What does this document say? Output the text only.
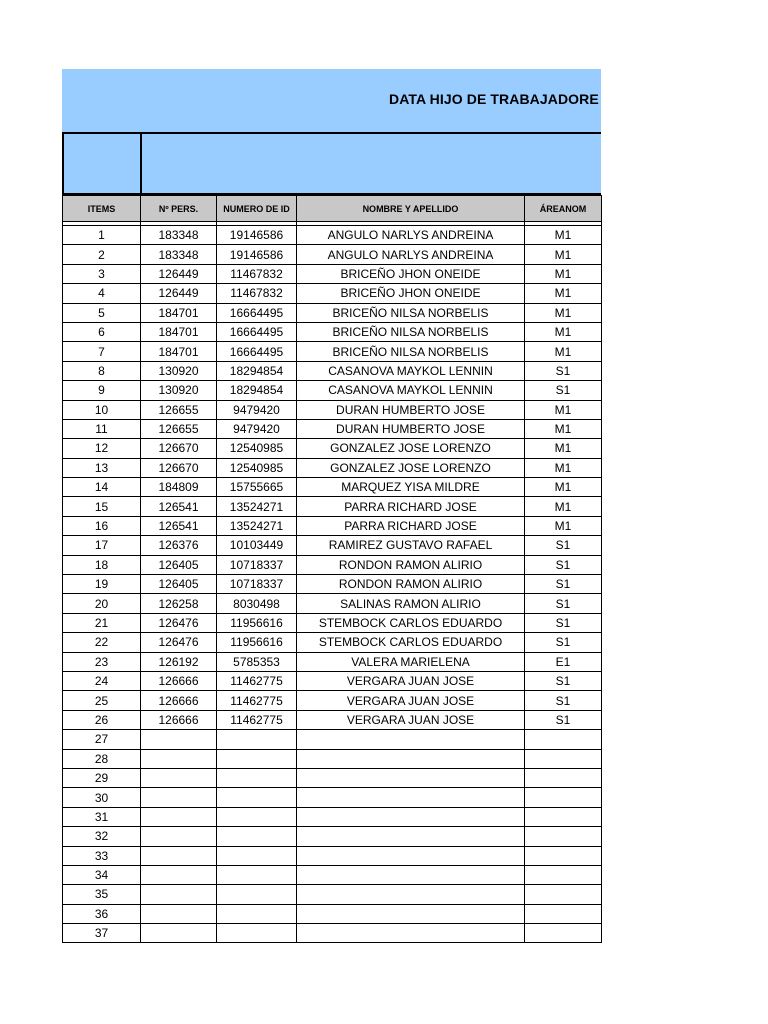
DATA HIJO DE TRABAJADORE
ITEMS	Nº PERS.	NUMERO DE ID	NOMBRE Y APELLIDO	ÁREANOM

1	183348	19146586	ANGULO NARLYS ANDREINA	M1
2	183348	19146586	ANGULO NARLYS ANDREINA	M1
3	126449	11467832	BRICEÑO JHON ONEIDE	M1
4	126449	11467832	BRICEÑO JHON ONEIDE	M1
5	184701	16664495	BRICEÑO NILSA NORBELIS	M1
6	184701	16664495	BRICEÑO NILSA NORBELIS	M1
7	184701	16664495	BRICEÑO NILSA NORBELIS	M1
8	130920	18294854	CASANOVA MAYKOL LENNIN	S1
9	130920	18294854	CASANOVA MAYKOL LENNIN	S1
10	126655	9479420	DURAN HUMBERTO JOSE	M1
11	126655	9479420	DURAN HUMBERTO JOSE	M1
12	126670	12540985	GONZALEZ JOSE LORENZO	M1
13	126670	12540985	GONZALEZ JOSE LORENZO	M1
14	184809	15755665	MARQUEZ YISA MILDRE	M1
15	126541	13524271	PARRA RICHARD JOSE	M1
16	126541	13524271	PARRA RICHARD JOSE	M1
17	126376	10103449	RAMIREZ GUSTAVO RAFAEL	S1
18	126405	10718337	RONDON RAMON ALIRIO	S1
19	126405	10718337	RONDON RAMON ALIRIO	S1
20	126258	8030498	SALINAS RAMON ALIRIO	S1
21	126476	11956616	STEMBOCK CARLOS EDUARDO	S1
22	126476	11956616	STEMBOCK CARLOS EDUARDO	S1
23	126192	5785353	VALERA MARIELENA	E1
24	126666	11462775	VERGARA JUAN JOSE	S1
25	126666	11462775	VERGARA JUAN JOSE	S1
26	126666	11462775	VERGARA JUAN JOSE	S1
27				
28				
29				
30				
31				
32				
33				
34				
35				
36				
37				
